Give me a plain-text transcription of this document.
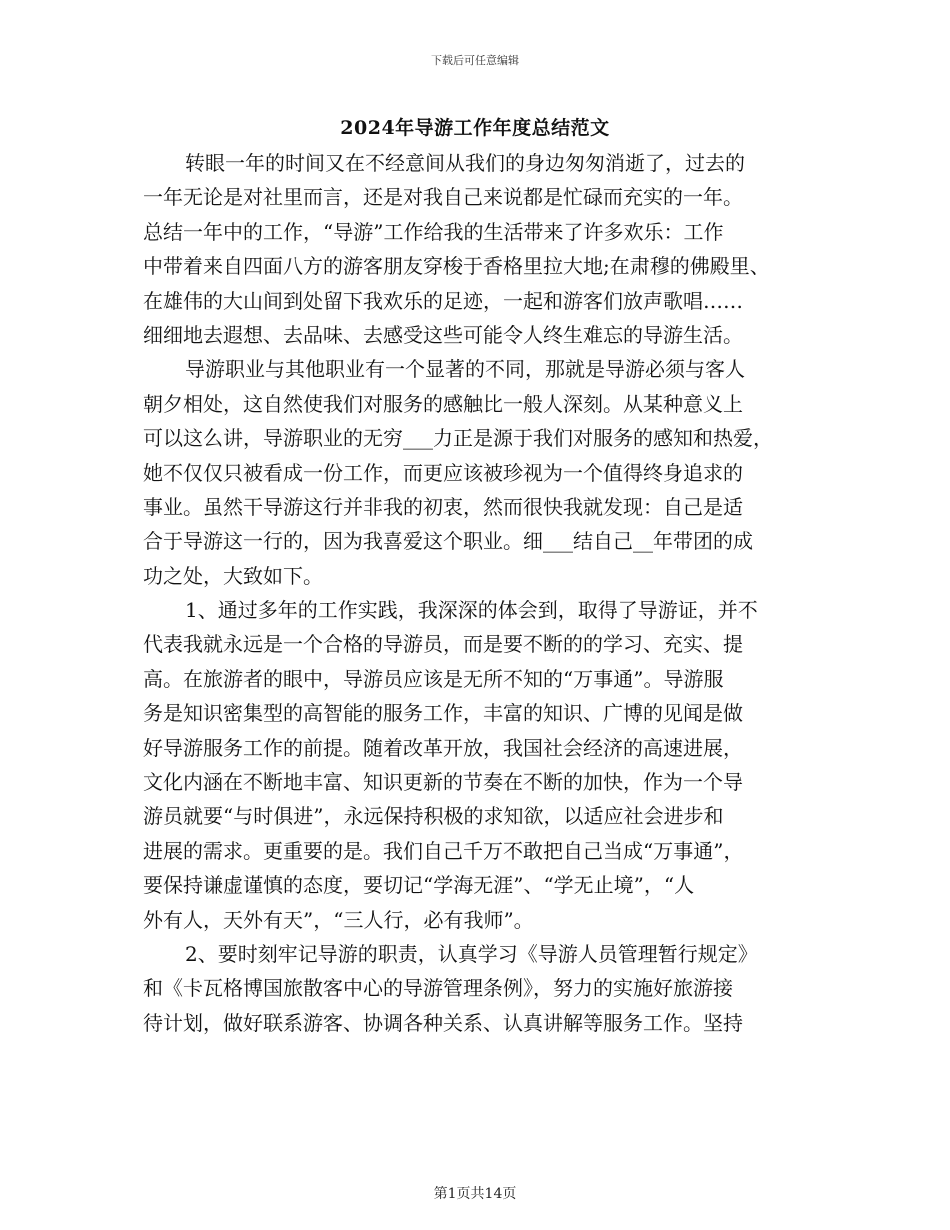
下载后可任意编辑
2024年导游工作年度总结范文
转眼一年的时间又在不经意间从我们的身边匆匆消逝了，过去的
一年无论是对社里而言，还是对我自己来说都是忙碌而充实的一年。
总结一年中的工作，“导游”工作给我的生活带来了许多欢乐：工作
中带着来自四面八方的游客朋友穿梭于香格里拉大地;在肃穆的佛殿里、
在雄伟的大山间到处留下我欢乐的足迹，一起和游客们放声歌唱……
细细地去遐想、去品味、去感受这些可能令人终生难忘的导游生活。
导游职业与其他职业有一个显著的不同，那就是导游必须与客人
朝夕相处，这自然使我们对服务的感触比一般人深刻。从某种意义上
可以这么讲，导游职业的无穷___力正是源于我们对服务的感知和热爱，
她不仅仅只被看成一份工作，而更应该被珍视为一个值得终身追求的
事业。虽然干导游这行并非我的初衷，然而很快我就发现：自己是适
合于导游这一行的，因为我喜爱这个职业。细___结自己__年带团的成
功之处，大致如下。
1、通过多年的工作实践，我深深的体会到，取得了导游证，并不
代表我就永远是一个合格的导游员，而是要不断的的学习、充实、提
高。在旅游者的眼中，导游员应该是无所不知的“万事通”。导游服
务是知识密集型的高智能的服务工作，丰富的知识、广博的见闻是做
好导游服务工作的前提。随着改革开放，我国社会经济的高速进展，
文化内涵在不断地丰富、知识更新的节奏在不断的加快，作为一个导
游员就要“与时俱进”，永远保持积极的求知欲，以适应社会进步和
进展的需求。更重要的是。我们自己千万不敢把自己当成“万事通”，
要保持谦虚谨慎的态度，要切记“学海无涯”、“学无止境”，“人
外有人，天外有天”，“三人行，必有我师”。
2、要时刻牢记导游的职责，认真学习《导游人员管理暂行规定》
和《卡瓦格博国旅散客中心的导游管理条例》，努力的实施好旅游接
待计划，做好联系游客、协调各种关系、认真讲解等服务工作。坚持
第1页共14页
